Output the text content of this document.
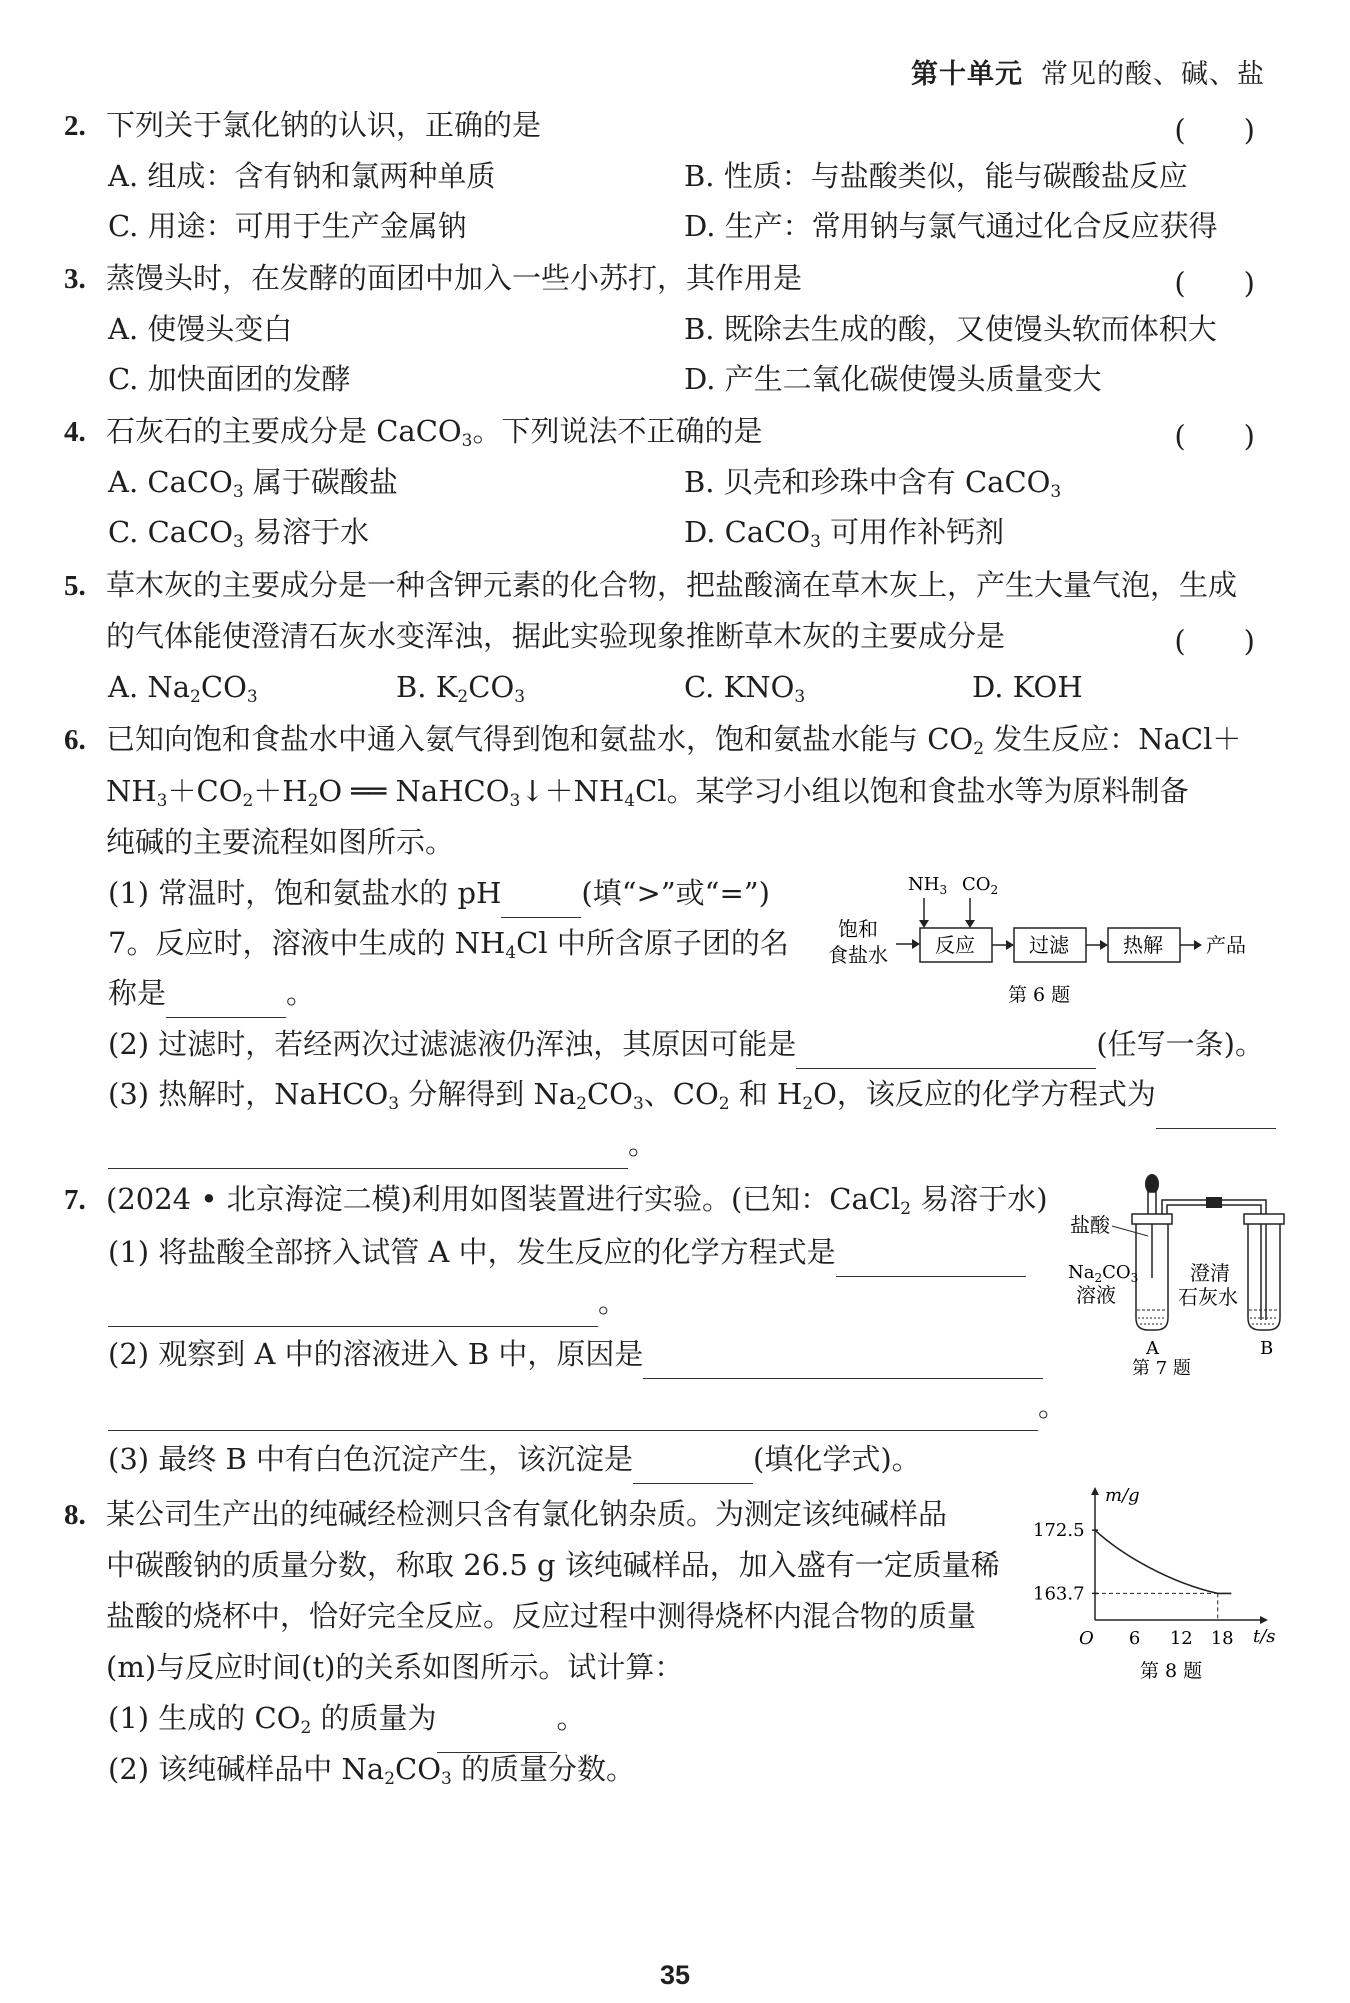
第十单元 常见的酸、碱、盐
2. 下列关于氯化钠的认识，正确的是	(　　)
A. 组成：含有钠和氯两种单质	B. 性质：与盐酸类似，能与碳酸盐反应
C. 用途：可用于生产金属钠	D. 生产：常用钠与氯气通过化合反应获得
3. 蒸馒头时，在发酵的面团中加入一些小苏打，其作用是	(　　)
A. 使馒头变白	B. 既除去生成的酸，又使馒头软而体积大
C. 加快面团的发酵	D. 产生二氧化碳使馒头质量变大
4. 石灰石的主要成分是 CaCO$_3$。下列说法不正确的是	(　　)
A. CaCO$_3$ 属于碳酸盐	B. 贝壳和珍珠中含有 CaCO$_3$
C. CaCO$_3$ 易溶于水	D. CaCO$_3$ 可用作补钙剂
5. 草木灰的主要成分是一种含钾元素的化合物，把盐酸滴在草木灰上，产生大量气泡，生成
的气体能使澄清石灰水变浑浊，据此实验现象推断草木灰的主要成分是	(　　)
A. $Na_2CO_3$	B. $K_2CO_3$	C. $KNO_3$	D. KOH
6. 已知向饱和食盐水中通入氨气得到饱和氨盐水，饱和氨盐水能与 $CO_2$ 发生反应：NaCl＋
$NH_3+CO_2+H_2O$ ══ $NaHCO_3↓+NH_4Cl$。某学习小组以饱和食盐水等为原料制备
纯碱的主要流程如图所示。
(1) 常温时，饱和氨盐水的 pH	(填“>”或“=”)
7。反应时，溶液中生成的 $NH_4Cl$ 中所含原子团的名
称是	。
$NH_3$ $CO_2$
饱和
食盐水 反应	过滤	热解 产品
第 6 题
(2) 过滤时，若经两次过滤滤液仍浑浊，其原因可能是	(任写一条)。
(3) 热解时，NaHCO$_3$ 分解得到 $Na_2CO_3$、$CO_2$ 和 $H_2O$，该反应的化学方程式为
。
7. (2024 • 北京海淀二模)利用如图装置进行实验。(已知：CaCl$_2$ 易溶于水)
(1) 将盐酸全部挤入试管 A 中，发生反应的化学方程式是
。
(2) 观察到 A 中的溶液进入 B 中，原因是
。
(3) 最终 B 中有白色沉淀产生，该沉淀是	(填化学式)。
盐酸
$Na_2CO_3$
溶液
澄清
石灰水
A	B
第 7 题
8. 某公司生产出的纯碱经检测只含有氯化钠杂质。为测定该纯碱样品
中碳酸钠的质量分数，称取 26.5 g 该纯碱样品，加入盛有一定质量稀
盐酸的烧杯中，恰好完全反应。反应过程中测得烧杯内混合物的质量
(m)与反应时间(t)的关系如图所示。试计算：
(1) 生成的 $CO_2$ 的质量为	。
(2) 该纯碱样品中 $Na_2CO_3$ 的质量分数。
m/g
t/s
O 6 12 18
172.5
163.7
第 8 题
35
